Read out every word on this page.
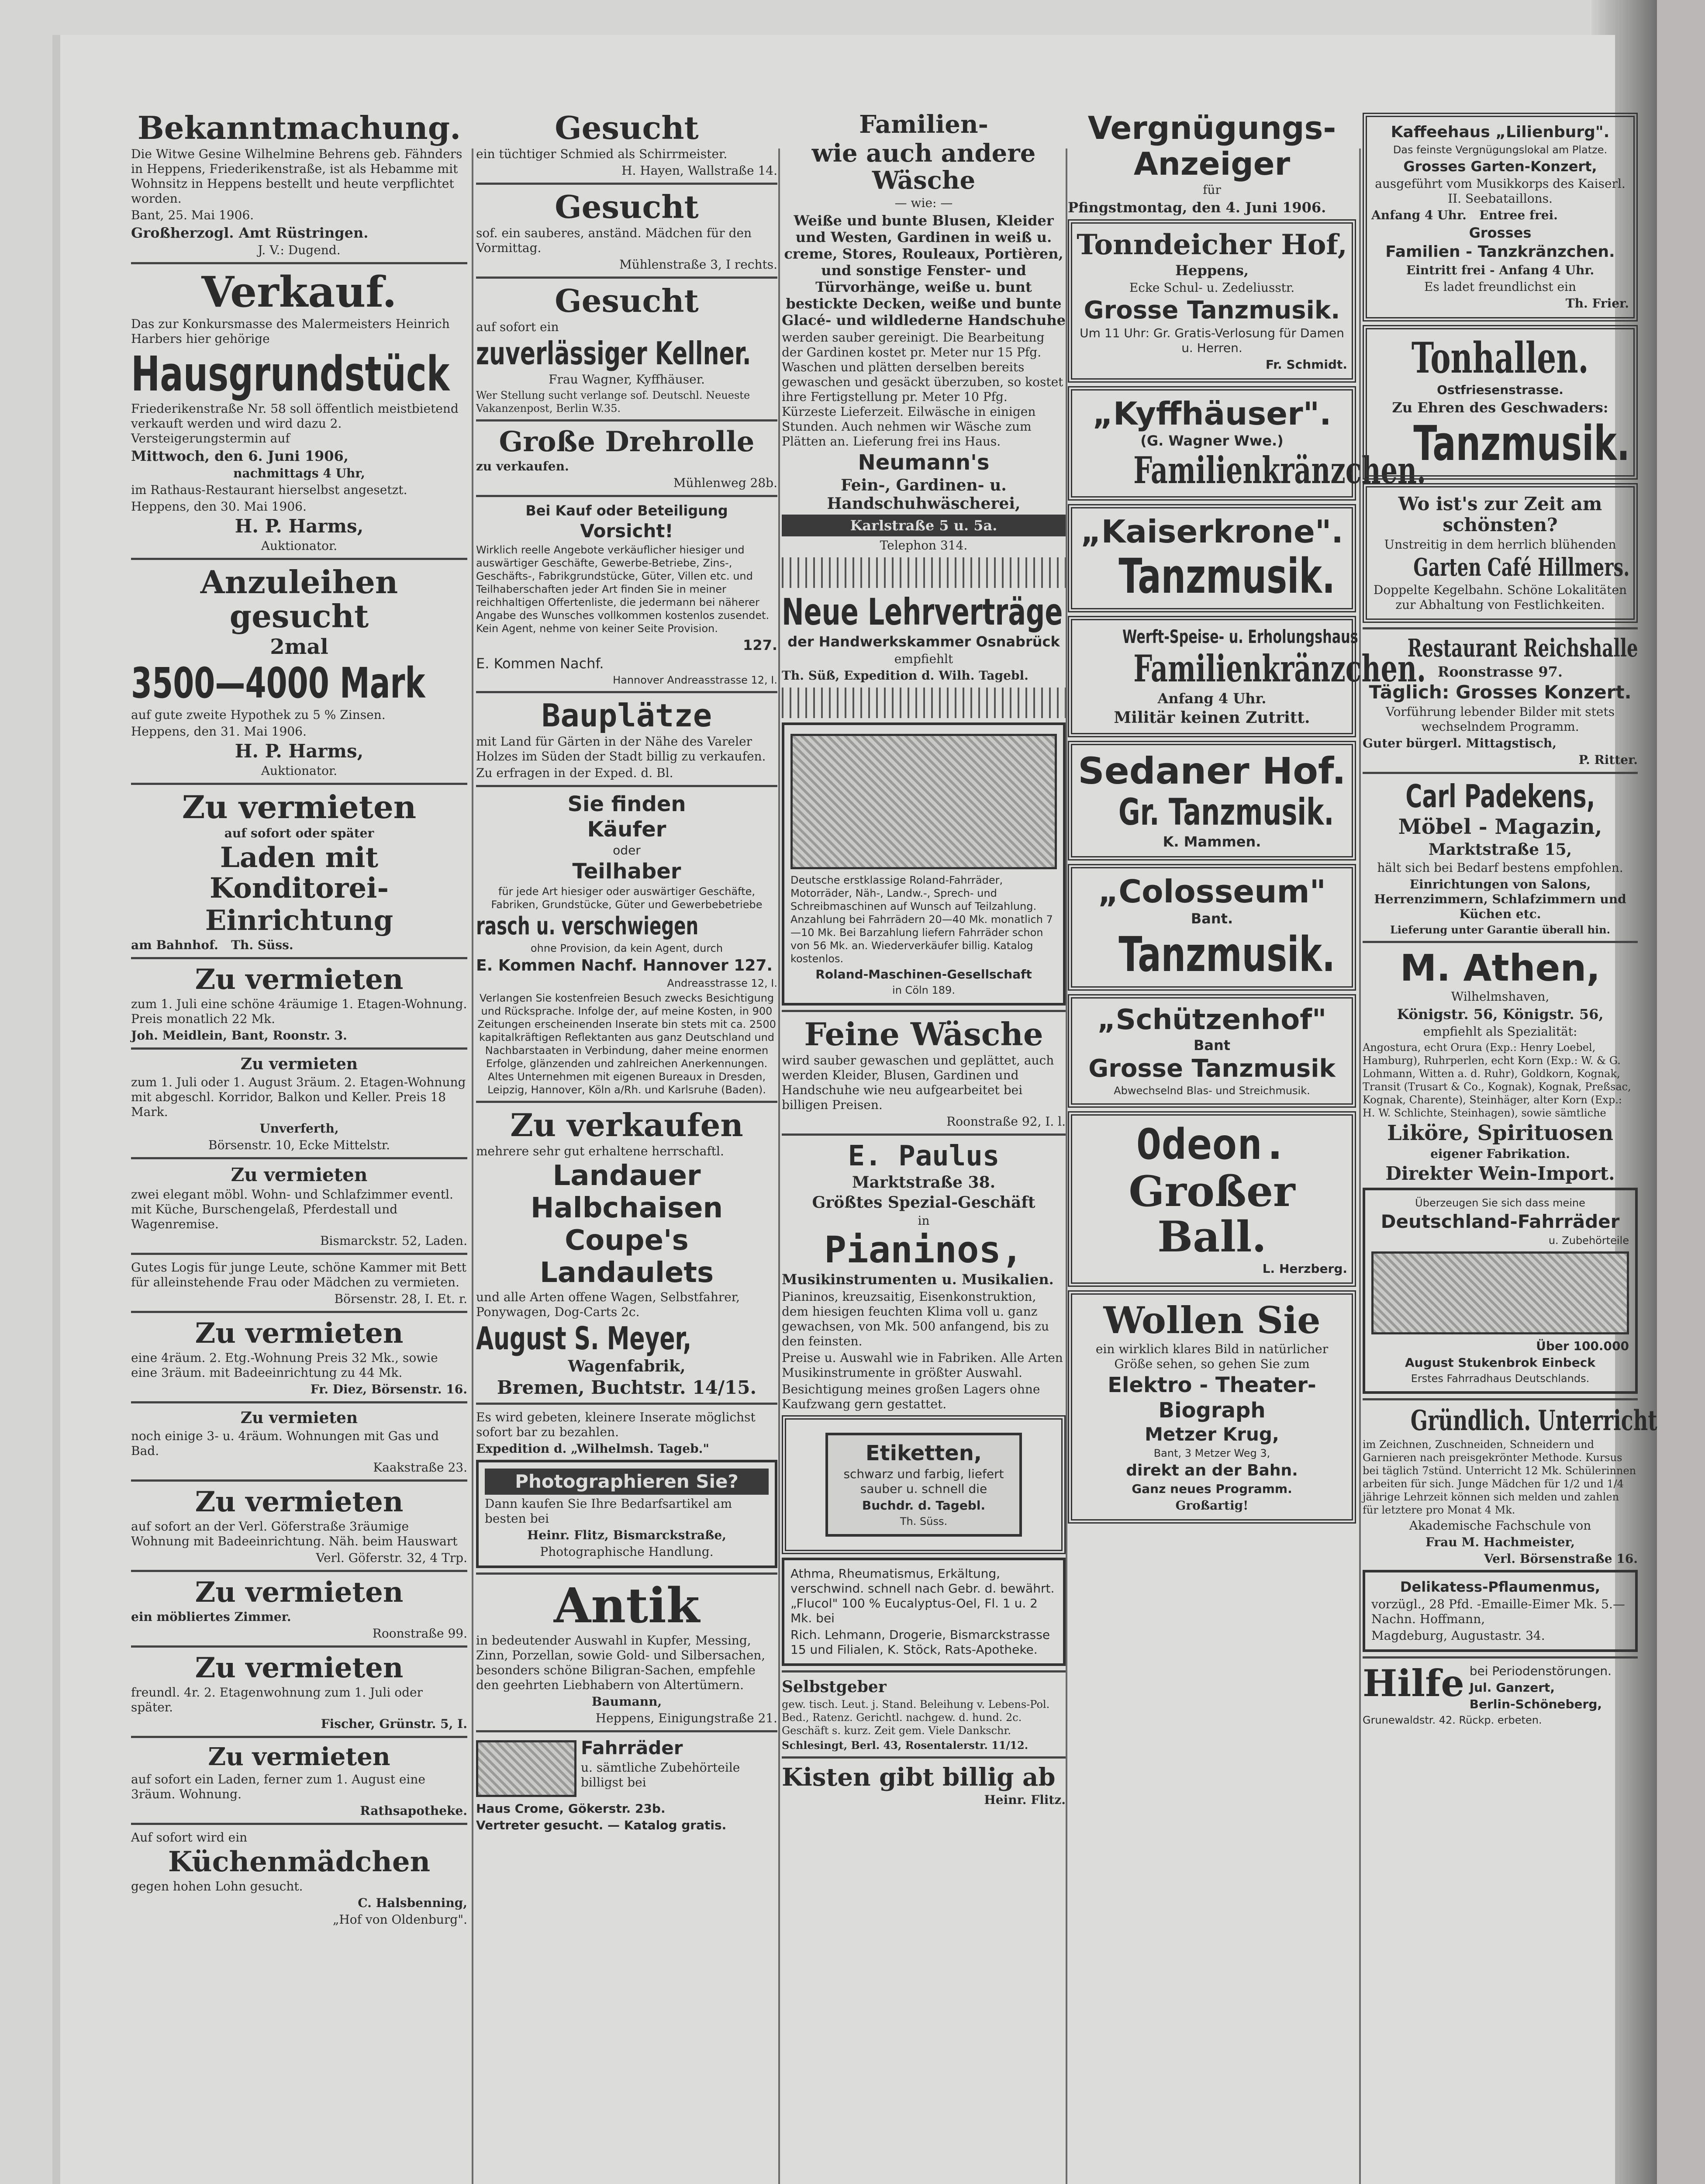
Bekanntmachung.

Die Witwe Gesine Wilhelmine Behrens geb. Fähnders in Heppens, Friederikenstraße, ist als Hebamme mit Wohnsitz in Heppens bestellt und heute verpflichtet worden.

Bant, 25. Mai 1906.

Großherzogl. Amt Rüstringen.

J. V.: Dugend.

Verkauf.

Das zur Konkursmasse des Malermeisters Heinrich Harbers hier gehörige

Hausgrundstück

Friederikenstraße Nr. 58 soll öffentlich meistbietend verkauft werden und wird dazu 2. Versteigerungstermin auf

Mittwoch, den 6. Juni 1906,

nachmittags 4 Uhr,

im Rathaus-Restaurant hierselbst angesetzt.

Heppens, den 30. Mai 1906.

H. P. Harms,

Auktionator.

Anzuleihen gesucht

2mal

3500—4000 Mark

auf gute zweite Hypothek zu 5 % Zinsen.

Heppens, den 31. Mai 1906.

H. P. Harms,

Auktionator.

Zu vermieten

auf sofort oder später

Laden mit Konditorei-

Einrichtung

am Bahnhof. Th. Süss.

Zu vermieten

zum 1. Juli eine schöne 4räumige 1. Etagen-Wohnung. Preis monatlich 22 Mk.

Joh. Meidlein, Bant, Roonstr. 3.

Zu vermieten

zum 1. Juli oder 1. August 3räum. 2. Etagen-Wohnung mit abgeschl. Korridor, Balkon und Keller. Preis 18 Mark.

Unverferth,

Börsenstr. 10, Ecke Mittelstr.

Zu vermieten

zwei elegant möbl. Wohn- und Schlafzimmer eventl. mit Küche, Burschengelaß, Pferdestall und Wagenremise.

Bismarckstr. 52, Laden.

Gutes Logis für junge Leute, schöne Kammer mit Bett für alleinstehende Frau oder Mädchen zu vermieten.

Börsenstr. 28, I. Et. r.

Zu vermieten

eine 4räum. 2. Etg.-Wohnung Preis 32 Mk., sowie eine 3räum. mit Badeeinrichtung zu 44 Mk.

Fr. Diez, Börsenstr. 16.

Zu vermieten

noch einige 3- u. 4räum. Wohnungen mit Gas und Bad.

Kaakstraße 23.

Zu vermieten

auf sofort an der Verl. Göferstraße 3räumige Wohnung mit Badeeinrichtung. Näh. beim Hauswart

Verl. Göferstr. 32, 4 Trp.

Zu vermieten

ein möbliertes Zimmer.

Roonstraße 99.

Zu vermieten

freundl. 4r. 2. Etagenwohnung zum 1. Juli oder später.

Fischer, Grünstr. 5, I.

Zu vermieten

auf sofort ein Laden, ferner zum 1. August eine 3räum. Wohnung.

Rathsapotheke.

Auf sofort wird ein

Küchenmädchen

gegen hohen Lohn gesucht.

C. Halsbenning,

„Hof von Oldenburg".

Gesucht

ein tüchtiger Schmied als Schirrmeister.

H. Hayen, Wallstraße 14.

Gesucht

sof. ein sauberes, anständ. Mädchen für den Vormittag.

Mühlenstraße 3, I rechts.

Gesucht

auf sofort ein

zuverlässiger Kellner.

Frau Wagner, Kyffhäuser.

Wer Stellung sucht verlange sof. Deutschl. Neueste Vakanzenpost, Berlin W.35.

Große Drehrolle

zu verkaufen.

Mühlenweg 28b.

Bei Kauf oder Beteiligung

Vorsicht!

Wirklich reelle Angebote verkäuflicher hiesiger und auswärtiger Geschäfte, Gewerbe-Betriebe, Zins-, Geschäfts-, Fabrikgrundstücke, Güter, Villen etc. und Teilhaberschaften jeder Art finden Sie in meiner reichhaltigen Offertenliste, die jedermann bei näherer Angabe des Wunsches vollkommen kostenlos zusendet. Kein Agent, nehme von keiner Seite Provision.

127.

E. Kommen Nachf.

Hannover Andreasstrasse 12, I.

Bauplätze

mit Land für Gärten in der Nähe des Vareler Holzes im Süden der Stadt billig zu verkaufen.

Zu erfragen in der Exped. d. Bl.

Sie finden

Käufer

oder

Teilhaber

für jede Art hiesiger oder auswärtiger Geschäfte, Fabriken, Grundstücke, Güter und Gewerbebetriebe

rasch u. verschwiegen

ohne Provision, da kein Agent, durch

E. Kommen Nachf. Hannover 127.

Andreasstrasse 12, I.

Verlangen Sie kostenfreien Besuch zwecks Besichtigung und Rücksprache. Infolge der, auf meine Kosten, in 900 Zeitungen erscheinenden Inserate bin stets mit ca. 2500 kapitalkräftigen Reflektanten aus ganz Deutschland und Nachbarstaaten in Verbindung, daher meine enormen Erfolge, glänzenden und zahlreichen Anerkennungen. Altes Unternehmen mit eigenen Bureaux in Dresden, Leipzig, Hannover, Köln a/Rh. und Karlsruhe (Baden).

Zu verkaufen

mehrere sehr gut erhaltene herrschaftl.

Landauer

Halbchaisen

Coupe's

Landaulets

und alle Arten offene Wagen, Selbstfahrer, Ponywagen, Dog-Carts 2c.

August S. Meyer,

Wagenfabrik,

Bremen, Buchtstr. 14/15.

Es wird gebeten, kleinere Inserate möglichst sofort bar zu bezahlen.

Expedition d. „Wilhelmsh. Tageb."

Photographieren Sie?

Dann kaufen Sie Ihre Bedarfsartikel am besten bei

Heinr. Flitz, Bismarckstraße,

Photographische Handlung.

Antik

in bedeutender Auswahl in Kupfer, Messing, Zinn, Porzellan, sowie Gold- und Silbersachen, besonders schöne Biligran-Sachen, empfehle den geehrten Liebhabern von Altertümern.

Baumann,

Heppens, Einigungstraße 21.

Fahrräder

u. sämtliche Zubehörteile billigst bei

Haus Crome, Gökerstr. 23b.

Vertreter gesucht. — Katalog gratis.

Familien-

wie auch andere Wäsche

— wie: —

Weiße und bunte Blusen, Kleider und Westen, Gardinen in weiß u. creme, Stores, Rouleaux, Portièren, und sonstige Fenster- und Türvorhänge, weiße u. bunt bestickte Decken, weiße und bunte Glacé- und wildlederne Handschuhe

werden sauber gereinigt. Die Bearbeitung der Gardinen kostet pr. Meter nur 15 Pfg. Waschen und plätten derselben bereits gewaschen und gesäckt überzuben, so kostet ihre Fertigstellung pr. Meter 10 Pfg. Kürzeste Lieferzeit. Eilwäsche in einigen Stunden. Auch nehmen wir Wäsche zum Plätten an. Lieferung frei ins Haus.

Neumann's

Fein-, Gardinen- u. Handschuhwäscherei,

Karlstraße 5 u. 5a.

Telephon 314.

Neue Lehrverträge

der Handwerkskammer Osnabrück

empfiehlt

Th. Süß, Expedition d. Wilh. Tagebl.

Deutsche erstklassige Roland-Fahrräder, Motorräder, Näh-, Landw.-, Sprech- und Schreibmaschinen auf Wunsch auf Teilzahlung. Anzahlung bei Fahrrädern 20—40 Mk. monatlich 7—10 Mk. Bei Barzahlung liefern Fahrräder schon von 56 Mk. an. Wiederverkäufer billig. Katalog kostenlos.

Roland-Maschinen-Gesellschaft

in Cöln 189.

Feine Wäsche

wird sauber gewaschen und geplättet, auch werden Kleider, Blusen, Gardinen und Handschuhe wie neu aufgearbeitet bei billigen Preisen.

Roonstraße 92, I. l.

E. Paulus

Marktstraße 38.

Größtes Spezial-Geschäft

in

Pianinos,

Musikinstrumenten u. Musikalien.

Pianinos, kreuzsaitig, Eisenkonstruktion, dem hiesigen feuchten Klima voll u. ganz gewachsen, von Mk. 500 anfangend, bis zu den feinsten.

Preise u. Auswahl wie in Fabriken. Alle Arten Musikinstrumente in größter Auswahl.

Besichtigung meines großen Lagers ohne Kaufzwang gern gestattet.

Etiketten,

schwarz und farbig, liefert sauber u. schnell die

Buchdr. d. Tagebl.

Th. Süss.

Athma, Rheumatismus, Erkältung, verschwind. schnell nach Gebr. d. bewährt. „Flucol" 100 % Eucalyptus-Oel, Fl. 1 u. 2 Mk. bei

Rich. Lehmann, Drogerie, Bismarckstrasse 15 und Filialen, K. Stöck, Rats-Apotheke.

Selbstgeber

gew. tisch. Leut. j. Stand. Beleihung v. Lebens-Pol. Bed., Ratenz. Gerichtl. nachgew. d. hund. 2c. Geschäft s. kurz. Zeit gem. Viele Dankschr.

Schlesingt, Berl. 43, Rosentalerstr. 11/12.

Kisten gibt billig ab

Heinr. Flitz.

Vergnügungs-

Anzeiger

für

Pfingstmontag, den 4. Juni 1906.

Tonndeicher Hof,

Heppens,

Ecke Schul- u. Zedeliusstr.

Grosse Tanzmusik.

Um 11 Uhr: Gr. Gratis-Verlosung für Damen u. Herren.

Fr. Schmidt.

„Kyffhäuser".

(G. Wagner Wwe.)

Familienkränzchen.

„Kaiserkrone".

Tanzmusik.

Werft-Speise- u. Erholungshaus

Familienkränzchen.

Anfang 4 Uhr.

Militär keinen Zutritt.

Sedaner Hof.

Gr. Tanzmusik.

K. Mammen.

„Colosseum"

Bant.

Tanzmusik.

„Schützenhof"

Bant

Grosse Tanzmusik

Abwechselnd Blas- und Streichmusik.

Odeon.

Großer Ball.

L. Herzberg.

Wollen Sie

ein wirklich klares Bild in natürlicher Größe sehen, so gehen Sie zum

Elektro - Theater-

Biograph

Metzer Krug,

Bant, 3 Metzer Weg 3,

direkt an der Bahn.

Ganz neues Programm.

Großartig!

Kaffeehaus „Lilienburg".

Das feinste Vergnügungslokal am Platze.

Grosses Garten-Konzert,

ausgeführt vom Musikkorps des Kaiserl. II. Seebataillons.

Anfang 4 Uhr. Entree frei.

Grosses

Familien - Tanzkränzchen.

Eintritt frei - Anfang 4 Uhr.

Es ladet freundlichst ein

Th. Frier.

Tonhallen.

Ostfriesenstrasse.

Zu Ehren des Geschwaders:

Tanzmusik.

Wo ist's zur Zeit am schönsten?

Unstreitig in dem herrlich blühenden

Garten Café Hillmers.

Doppelte Kegelbahn. Schöne Lokalitäten zur Abhaltung von Festlichkeiten.

Restaurant Reichshalle

Roonstrasse 97.

Täglich: Grosses Konzert.

Vorführung lebender Bilder mit stets wechselndem Programm.

Guter bürgerl. Mittagstisch,

P. Ritter.

Carl Padekens,

Möbel - Magazin,

Marktstraße 15,

hält sich bei Bedarf bestens empfohlen.

Einrichtungen von Salons, Herrenzimmern, Schlafzimmern und Küchen etc.

Lieferung unter Garantie überall hin.

M. Athen,

Wilhelmshaven,

Königstr. 56, Königstr. 56,

empfiehlt als Spezialität:

Angostura, echt Orura (Exp.: Henry Loebel, Hamburg), Ruhrperlen, echt Korn (Exp.: W. & G. Lohmann, Witten a. d. Ruhr), Goldkorn, Kognak, Transit (Trusart & Co., Kognak), Kognak, Preßsac, Kognak, Charente), Steinhäger, alter Korn (Exp.: H. W. Schlichte, Steinhagen), sowie sämtliche

Liköre, Spirituosen

eigener Fabrikation.

Direkter Wein-Import.

Überzeugen Sie sich dass meine

Deutschland-Fahrräder

u. Zubehörteile

Über 100.000

August Stukenbrok Einbeck

Erstes Fahrradhaus Deutschlands.

Gründlich. Unterricht

im Zeichnen, Zuschneiden, Schneidern und Garnieren nach preisgekrönter Methode. Kursus bei täglich 7stünd. Unterricht 12 Mk. Schülerinnen arbeiten für sich. Junge Mädchen für 1/2 und 1/4 jährige Lehrzeit können sich melden und zahlen für letztere pro Monat 4 Mk.

Akademische Fachschule von

Frau M. Hachmeister,

Verl. Börsenstraße 16.

Delikatess-Pflaumenmus,

vorzügl., 28 Pfd. -Emaille-Eimer Mk. 5.— Nachn. Hoffmann,

Magdeburg, Augustastr. 34.

Hilfe bei Periodenstörungen.

Jul. Ganzert,

Berlin-Schöneberg,

Grunewaldstr. 42. Rückp. erbeten.
